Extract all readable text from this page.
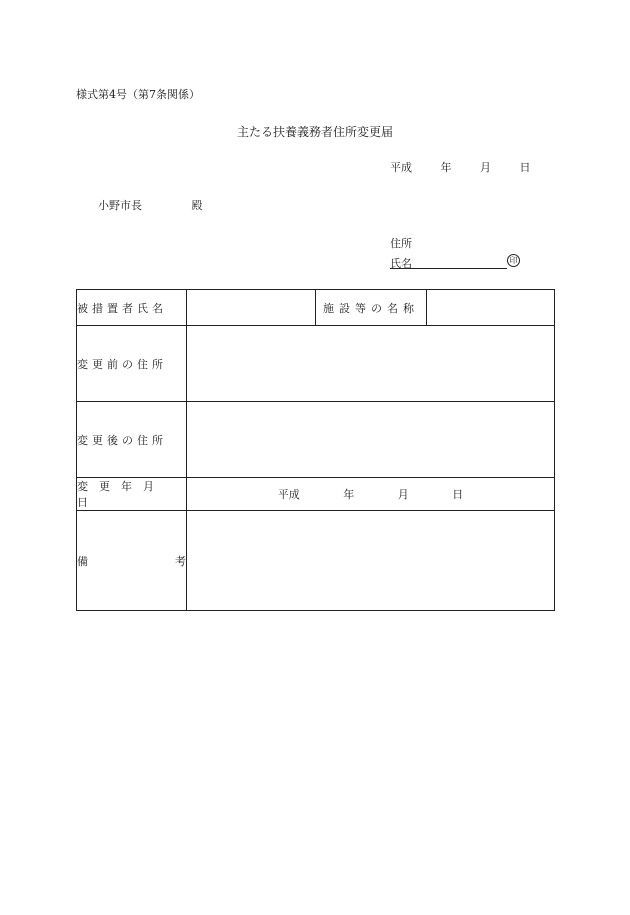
様式第4号（第7条関係）
主たる扶養義務者住所変更届
平成	年	月	日
小野市長	殿
住所
氏名	印
被措置者氏名		施設等の名称	
変更前の住所			
変更後の住所			
変更年月日	平成 年 月 日		

備 考			
